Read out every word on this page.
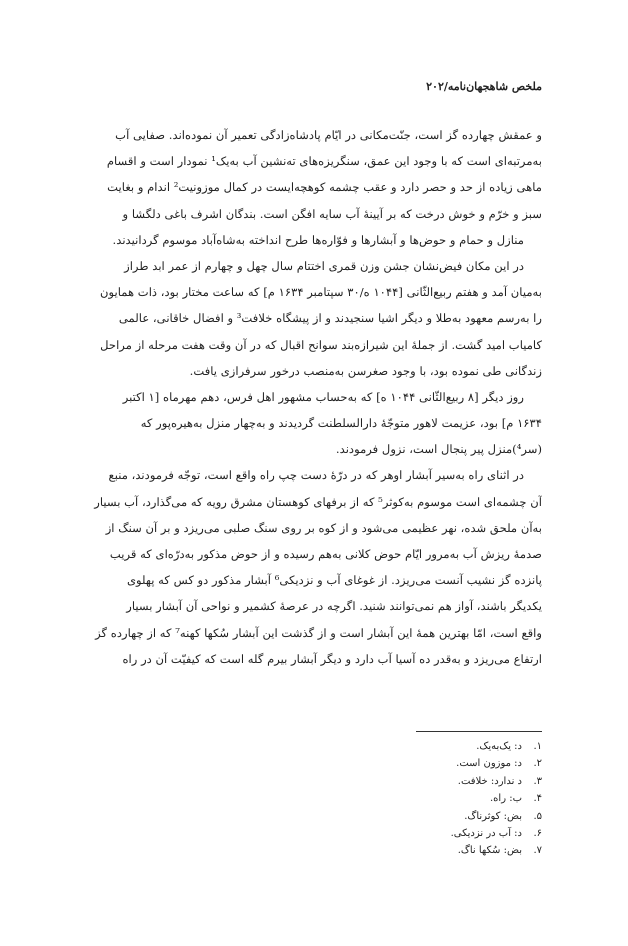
ملخص شاهجهان‌نامه/۲۰۲
و عمقش چهارده گز است، جنّت‌مکانی در ایّام پادشاه‌زادگی تعمیر آن نموده‌اند. صفایی آب
به‌مرتبه‌ای است که با وجود این عمق، سنگریزه‌های ته‌نشین آب به‌یک¹ نمودار است و اقسام
ماهی زیاده از حد و حصر دارد و عقب چشمه کوهچه‌ایست در کمال موزونیت² اندام و بغایت
سبز و خرّم و خوش درخت که بر آیینهٔ آب سایه افگن است. بندگان اشرف باغی دلگشا و
منازل و حمام و حوض‌ها و آبشارها و فوّاره‌ها طرح انداخته به‌شاه‌آباد موسوم گردانیدند.
در این مکان فیض‌نشان جشن وزن قمری اختتام سال چهل و چهارم از عمر ابد طراز
به‌میان آمد و هفتم ربیع‌الثّانی [۱۰۴۴ ه/۳۰ سپتامبر ۱۶۳۴ م] که ساعت مختار بود، ذات همایون
را به‌رسم معهود به‌طلا و دیگر اشیا سنجیدند و از پیشگاه خلافت³ و افضال خاقانی، عالمی
کامیاب امید گشت. از جملهٔ این شیرازه‌بند سوانح اقبال که در آن وقت هفت مرحله از مراحل
زندگانی طی نموده بود، با وجود صغرسن به‌منصب درخور سرفرازی یافت.
روز دیگر [۸ ربیع‌الثّانی ۱۰۴۴ ه] که به‌حساب مشهور اهل فرس، دهم مهرماه [۱ اکتبر
۱۶۳۴ م] بود، عزیمت لاهور متوجّهٔ دارالسلطنت گردیدند و به‌چهار منزل به‌هیره‌پور که
(سر⁴)منزل پیر پنجال است، نزول فرمودند.
در اثنای راه به‌سیر آبشار اوهر که در درّهٔ دست چپ راه واقع است، توجّه فرمودند، منبع
آن چشمه‌ای است موسوم به‌کوثر⁵ که از برفهای کوهستان مشرق رویه که می‌گذارد، آب بسیار
به‌آن ملحق شده، نهر عظیمی می‌شود و از کوه بر روی سنگ صلبی می‌ریزد و بر آن سنگ از
صدمهٔ ریزش آب به‌مرور ایّام حوض کلانی به‌هم رسیده و از حوض مذکور به‌درّه‌ای که قریب
پانزده گز نشیب آنست می‌ریزد. از غوغای آب و نزدیکی⁶ آبشار مذکور دو کس که پهلوی
یکدیگر باشند، آواز هم نمی‌توانند شنید. اگرچه در عرصهٔ کشمیر و نواحی آن آبشار بسیار
واقع است، امّا بهترین همهٔ این آبشار است و از گذشت این آبشار سُکها کهنه⁷ که از چهارده گز
ارتفاع می‌ریزد و به‌قدر ده آسیا آب دارد و دیگر آبشار بیرم گله است که کیفیّت آن در راه
۱.د: یک‌به‌یک.
۲.د: موزون است.
۳.د ندارد: خلافت.
۴.ب: راه.
۵.بض: کوثرناگ.
۶.د: آب در نزدیکی.
۷.بض: سُکها ناگ.
